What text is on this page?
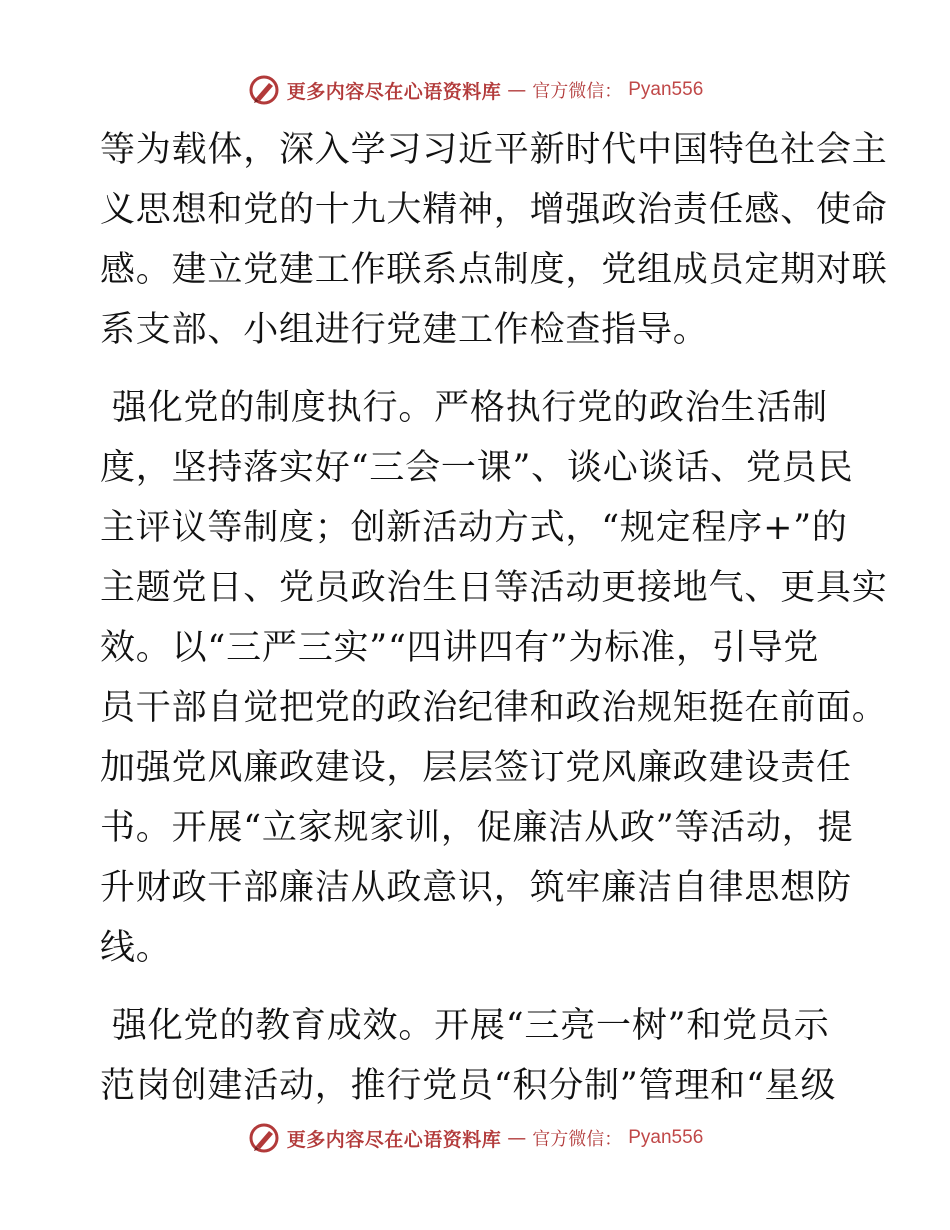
更多内容尽在心语资料库 — 官方微信： Pyan556
等为载体，深入学习习近平新时代中国特色社会主
义思想和党的十九大精神，增强政治责任感、使命
感。建立党建工作联系点制度，党组成员定期对联
系支部、小组进行党建工作检查指导。
强化党的制度执行。严格执行党的政治生活制
度，坚持落实好“三会一课”、谈心谈话、党员民
主评议等制度；创新活动方式，“规定程序+”的
主题党日、党员政治生日等活动更接地气、更具实
效。以“三严三实”“四讲四有”为标准，引导党
员干部自觉把党的政治纪律和政治规矩挺在前面。
加强党风廉政建设，层层签订党风廉政建设责任
书。开展“立家规家训，促廉洁从政”等活动，提
升财政干部廉洁从政意识，筑牢廉洁自律思想防
线。
强化党的教育成效。开展“三亮一树”和党员示
范岗创建活动，推行党员“积分制”管理和“星级
更多内容尽在心语资料库 — 官方微信： Pyan556
